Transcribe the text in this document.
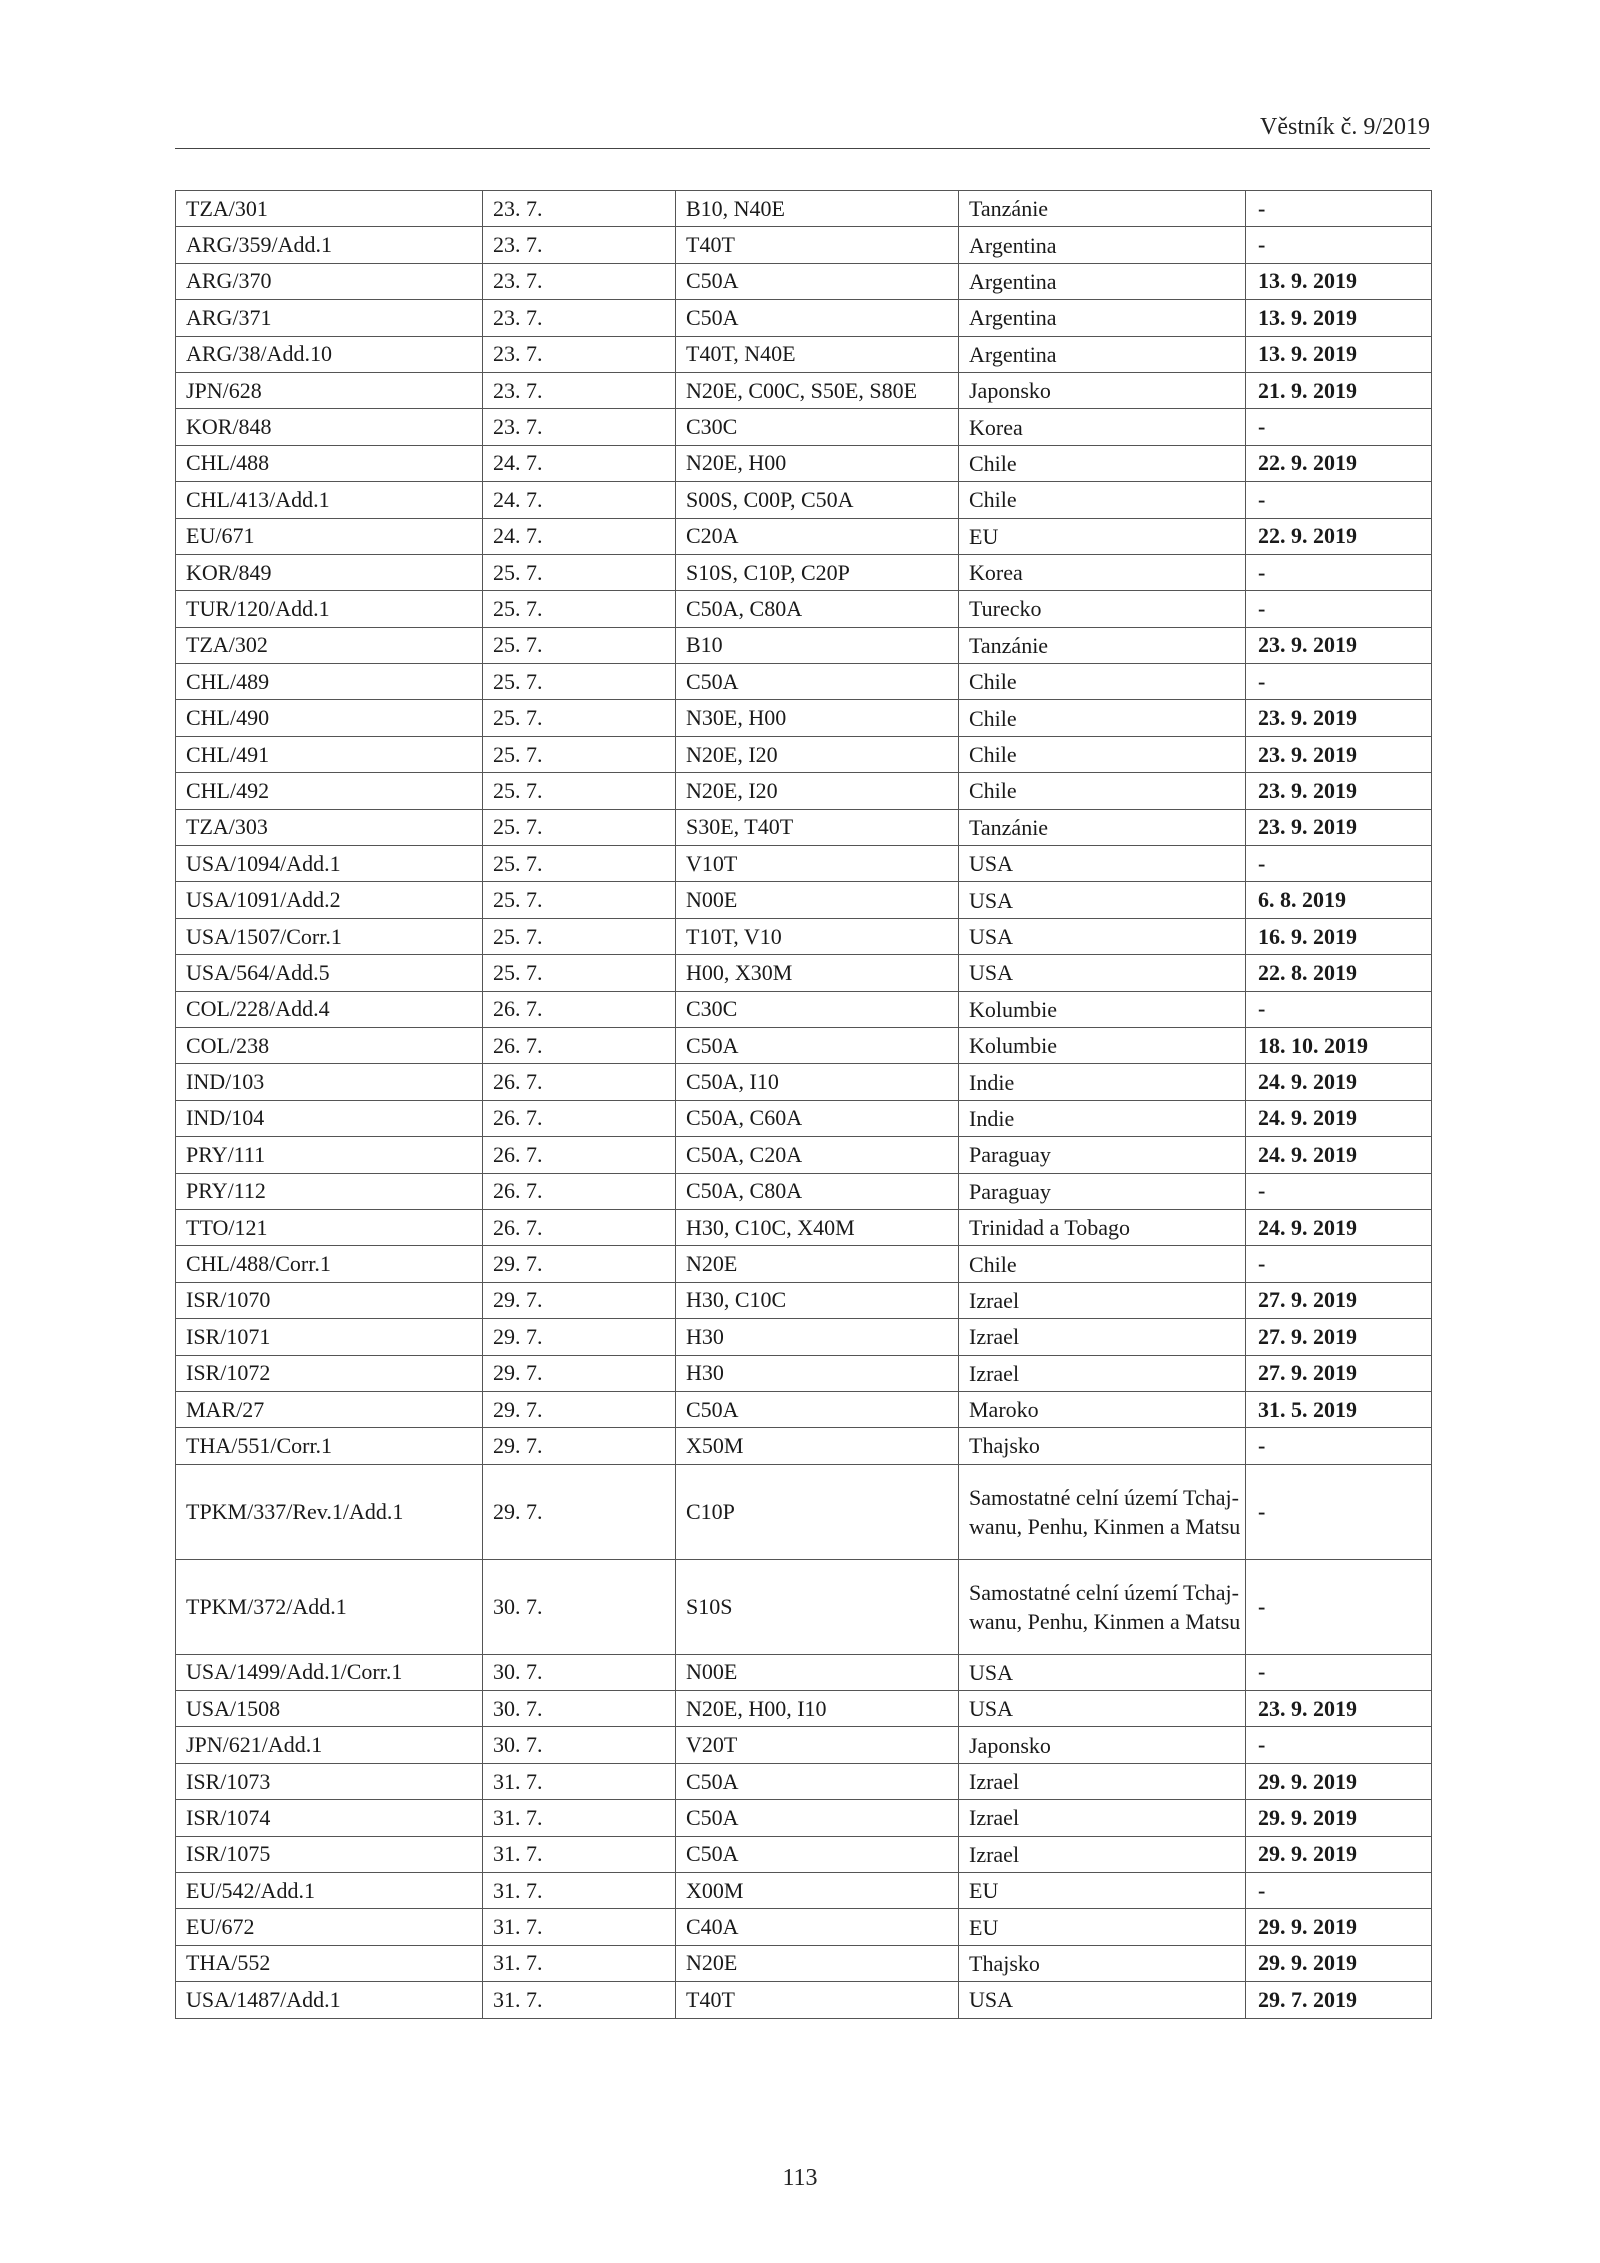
Věstník č. 9/2019
TZA/301	23. 7.	B10, N40E	Tanzánie	-
ARG/359/Add.1	23. 7.	T40T	Argentina	-
ARG/370	23. 7.	C50A	Argentina	13. 9. 2019
ARG/371	23. 7.	C50A	Argentina	13. 9. 2019
ARG/38/Add.10	23. 7.	T40T, N40E	Argentina	13. 9. 2019
JPN/628	23. 7.	N20E, C00C, S50E, S80E	Japonsko	21. 9. 2019
KOR/848	23. 7.	C30C	Korea	-
CHL/488	24. 7.	N20E, H00	Chile	22. 9. 2019
CHL/413/Add.1	24. 7.	S00S, C00P, C50A	Chile	-
EU/671	24. 7.	C20A	EU	22. 9. 2019
KOR/849	25. 7.	S10S, C10P, C20P	Korea	-
TUR/120/Add.1	25. 7.	C50A, C80A	Turecko	-
TZA/302	25. 7.	B10	Tanzánie	23. 9. 2019
CHL/489	25. 7.	C50A	Chile	-
CHL/490	25. 7.	N30E, H00	Chile	23. 9. 2019
CHL/491	25. 7.	N20E, I20	Chile	23. 9. 2019
CHL/492	25. 7.	N20E, I20	Chile	23. 9. 2019
TZA/303	25. 7.	S30E, T40T	Tanzánie	23. 9. 2019
USA/1094/Add.1	25. 7.	V10T	USA	-
USA/1091/Add.2	25. 7.	N00E	USA	6. 8. 2019
USA/1507/Corr.1	25. 7.	T10T, V10	USA	16. 9. 2019
USA/564/Add.5	25. 7.	H00, X30M	USA	22. 8. 2019
COL/228/Add.4	26. 7.	C30C	Kolumbie	-
COL/238	26. 7.	C50A	Kolumbie	18. 10. 2019
IND/103	26. 7.	C50A, I10	Indie	24. 9. 2019
IND/104	26. 7.	C50A, C60A	Indie	24. 9. 2019
PRY/111	26. 7.	C50A, C20A	Paraguay	24. 9. 2019
PRY/112	26. 7.	C50A, C80A	Paraguay	-
TTO/121	26. 7.	H30, C10C, X40M	Trinidad a Tobago	24. 9. 2019
CHL/488/Corr.1	29. 7.	N20E	Chile	-
ISR/1070	29. 7.	H30, C10C	Izrael	27. 9. 2019
ISR/1071	29. 7.	H30	Izrael	27. 9. 2019
ISR/1072	29. 7.	H30	Izrael	27. 9. 2019
MAR/27	29. 7.	C50A	Maroko	31. 5. 2019
THA/551/Corr.1	29. 7.	X50M	Thajsko	-
TPKM/337/Rev.1/Add.1	29. 7.	C10P	Samostatné celní území Tchaj-wanu, Penhu, Kinmen a Matsu	-
TPKM/372/Add.1	30. 7.	S10S	Samostatné celní území Tchaj-wanu, Penhu, Kinmen a Matsu	-
USA/1499/Add.1/Corr.1	30. 7.	N00E	USA	-
USA/1508	30. 7.	N20E, H00, I10	USA	23. 9. 2019
JPN/621/Add.1	30. 7.	V20T	Japonsko	-
ISR/1073	31. 7.	C50A	Izrael	29. 9. 2019
ISR/1074	31. 7.	C50A	Izrael	29. 9. 2019
ISR/1075	31. 7.	C50A	Izrael	29. 9. 2019
EU/542/Add.1	31. 7.	X00M	EU	-
EU/672	31. 7.	C40A	EU	29. 9. 2019
THA/552	31. 7.	N20E	Thajsko	29. 9. 2019
USA/1487/Add.1	31. 7.	T40T	USA	29. 7. 2019
113
